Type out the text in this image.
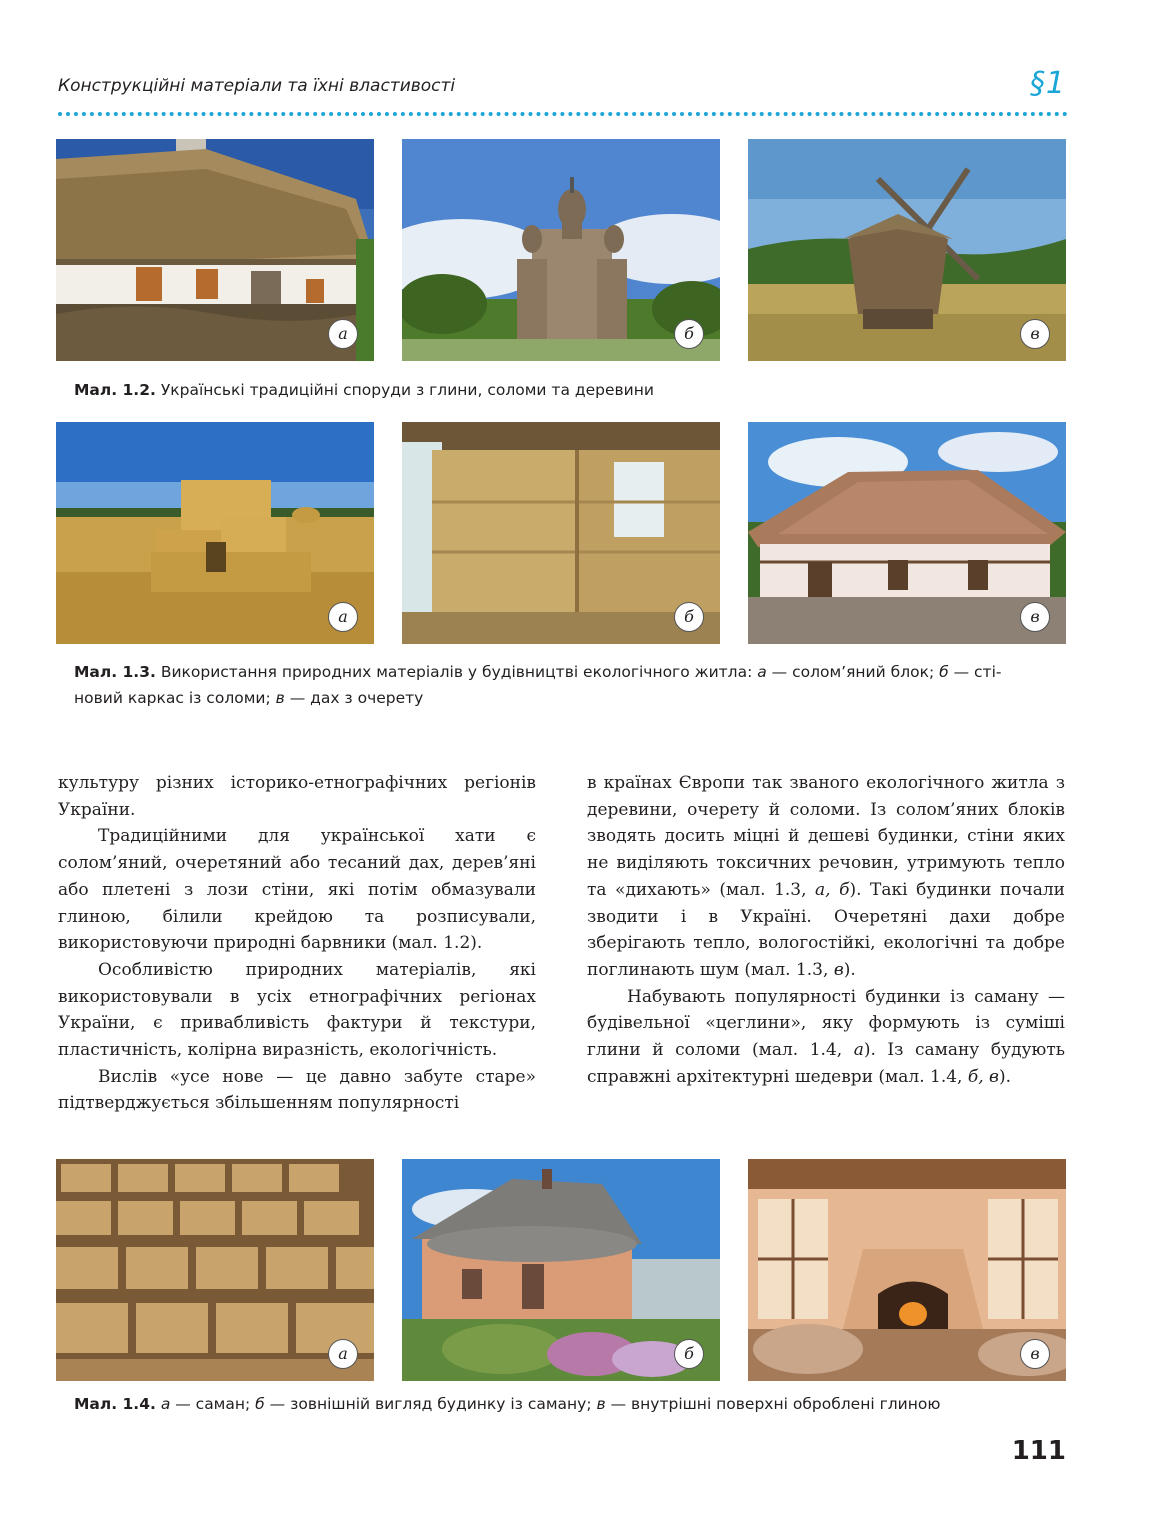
Конструкційні матеріали та їхні властивості	§1
а	б	в
Мал. 1.2. Українські традиційні споруди з глини, соломи та деревини
а	б	в
Мал. 1.3. Використання природних матеріалів у будівництві екологічного житла: а — солом’яний блок; б — сті-
новий каркас із соломи; в — дах з очерету

культуру різних історико-етнографічних регіонів України.

Традиційними для української хати є солом’яний, очеретяний або тесаний дах, дерев’яні або плетені з лози стіни, які потім обмазували глиною, білили крейдою та розписували, використовуючи природні барвники (мал. 1.2).

Особливістю природних матеріалів, які використовували в усіх етнографічних регіонах України, є привабливість фактури й текстури, пластичність, колірна виразність, екологічність.

Вислів «усе нове — це давно забуте старе» підтверджується збільшенням популярності

в країнах Європи так званого екологічного житла з деревини, очерету й соломи. Із солом’яних блоків зводять досить міцні й дешеві будинки, стіни яких не виділяють токсичних речовин, утримують тепло та «дихають» (мал. 1.3, а, б). Такі будинки почали зводити і в Україні. Очеретяні дахи добре зберігають тепло, вологостійкі, екологічні та добре поглинають шум (мал. 1.3, в).

Набувають популярності будинки із саману — будівельної «цеглини», яку формують із суміші глини й соломи (мал. 1.4, а). Із саману будують справжні архітектурні шедеври (мал. 1.4, б, в).

а	б	в
Мал. 1.4. а — саман; б — зовнішній вигляд будинку із саману; в — внутрішні поверхні оброблені глиною
111
